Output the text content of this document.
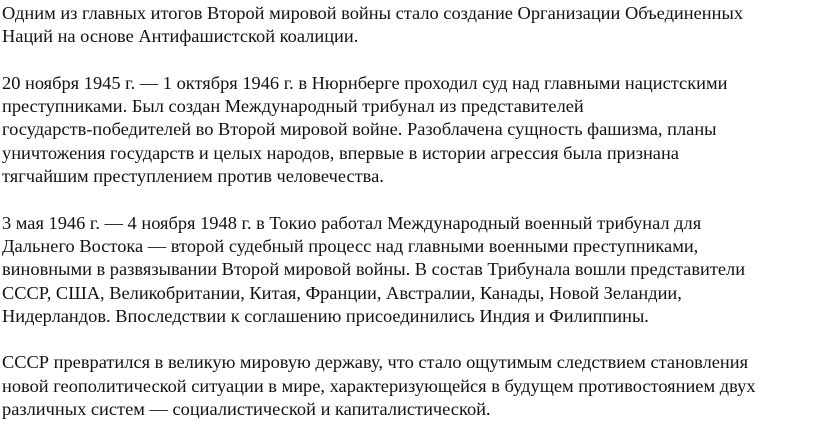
Одним из главных итогов Второй мировой войны стало создание Организации Объединенных
Наций на основе Антифашистской коалиции.

20 ноября 1945 г. — 1 октября 1946 г. в Нюрнберге проходил суд над главными нацистскими
преступниками. Был создан Международный трибунал из представителей
государств-победителей во Второй мировой войне. Разоблачена сущность фашизма, планы
уничтожения государств и целых народов, впервые в истории агрессия была признана
тягчайшим преступлением против человечества.

3 мая 1946 г. — 4 ноября 1948 г. в Токио работал Международный военный трибунал для
Дальнего Востока — второй судебный процесс над главными военными преступниками,
виновными в развязывании Второй мировой войны. В состав Трибунала вошли представители
СССР, США, Великобритании, Китая, Франции, Австралии, Канады, Новой Зеландии,
Нидерландов. Впоследствии к соглашению присоединились Индия и Филиппины.

СССР превратился в великую мировую державу, что стало ощутимым следствием становления
новой геополитической ситуации в мире, характеризующейся в будущем противостоянием двух
различных систем — социалистической и капиталистической.
